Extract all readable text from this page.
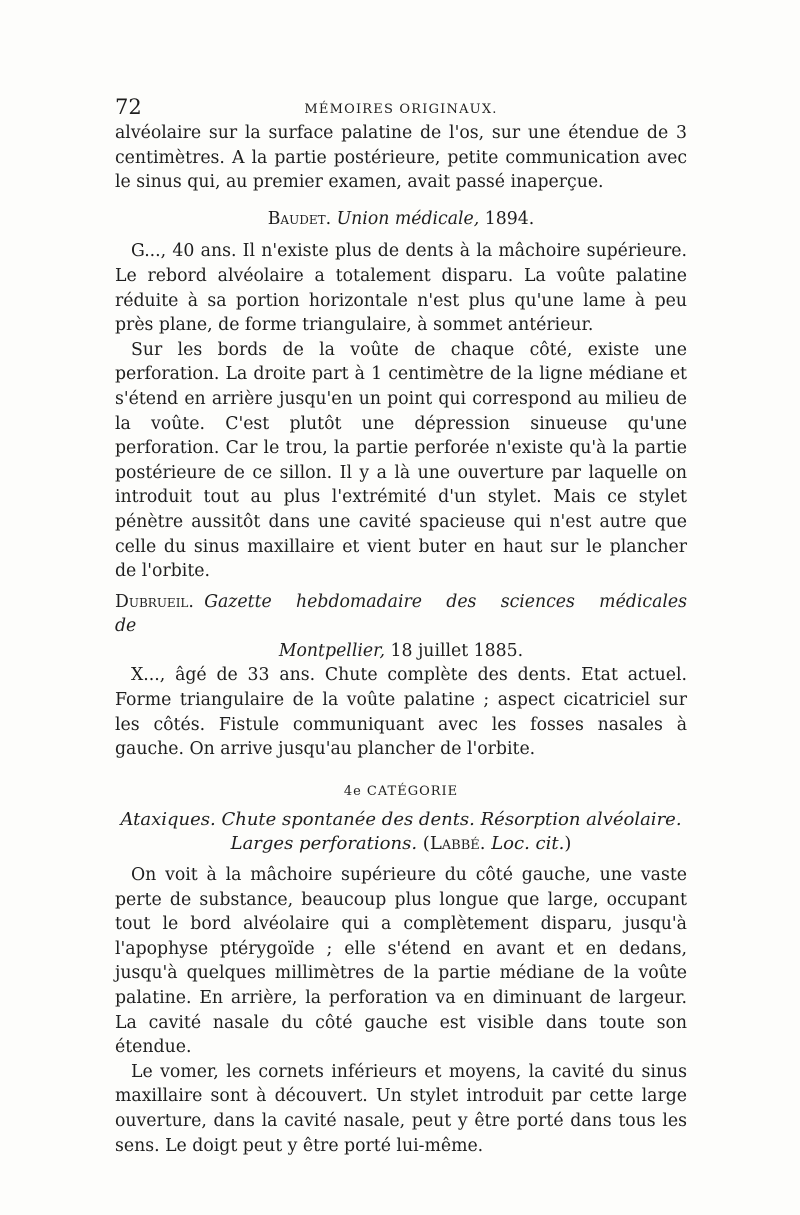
72	MÉMOIRES ORIGINAUX.

alvéolaire sur la surface palatine de l'os, sur une étendue de 3 centimètres. A la partie postérieure, petite communication avec le sinus qui, au premier examen, avait passé inaperçue.

Baudet. Union médicale, 1894.

G..., 40 ans. Il n'existe plus de dents à la mâchoire supérieure. Le rebord alvéolaire a totalement disparu. La voûte palatine réduite à sa portion horizontale n'est plus qu'une lame à peu près plane, de forme triangulaire, à sommet antérieur.

Sur les bords de la voûte de chaque côté, existe une perforation. La droite part à 1 centimètre de la ligne médiane et s'étend en arrière jusqu'en un point qui correspond au milieu de la voûte. C'est plutôt une dépression sinueuse qu'une perforation. Car le trou, la partie perforée n'existe qu'à la partie postérieure de ce sillon. Il y a là une ouverture par laquelle on introduit tout au plus l'extrémité d'un stylet. Mais ce stylet pénètre aussitôt dans une cavité spacieuse qui n'est autre que celle du sinus maxillaire et vient buter en haut sur le plancher de l'orbite.

Dubrueil. Gazette hebdomadaire des sciences médicales de

Montpellier, 18 juillet 1885.

X..., âgé de 33 ans. Chute complète des dents. Etat actuel. Forme triangulaire de la voûte palatine ; aspect cicatriciel sur les côtés. Fistule communiquant avec les fosses nasales à gauche. On arrive jusqu'au plancher de l'orbite.

4e CATÉGORIE

Ataxiques. Chute spontanée des dents. Résorption alvéolaire.

Larges perforations. (Labbé. Loc. cit.)

On voit à la mâchoire supérieure du côté gauche, une vaste perte de substance, beaucoup plus longue que large, occupant tout le bord alvéolaire qui a complètement disparu, jusqu'à l'apophyse ptérygoïde ; elle s'étend en avant et en dedans, jusqu'à quelques millimètres de la partie médiane de la voûte palatine. En arrière, la perforation va en diminuant de largeur. La cavité nasale du côté gauche est visible dans toute son étendue.

Le vomer, les cornets inférieurs et moyens, la cavité du sinus maxillaire sont à découvert. Un stylet introduit par cette large ouverture, dans la cavité nasale, peut y être porté dans tous les sens. Le doigt peut y être porté lui-même.
